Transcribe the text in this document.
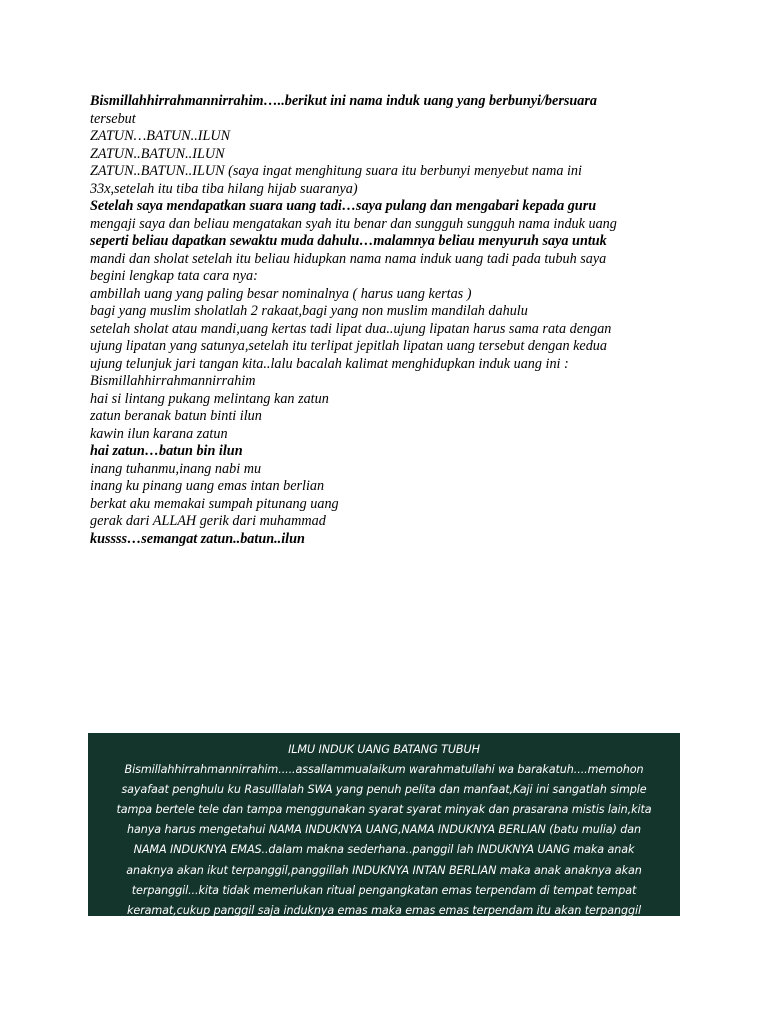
Bismillahhirrahmannirrahim…..berikut ini nama induk uang yang berbunyi/bersuara
tersebut
ZATUN…BATUN..ILUN
ZATUN..BATUN..ILUN
ZATUN..BATUN..ILUN (saya ingat menghitung suara itu berbunyi menyebut nama ini
33x,setelah itu tiba tiba hilang hijab suaranya)
Setelah saya mendapatkan suara uang tadi…saya pulang dan mengabari kepada guru
mengaji saya dan beliau mengatakan syah itu benar dan sungguh sungguh nama induk uang
seperti beliau dapatkan sewaktu muda dahulu…malamnya beliau menyuruh saya untuk
mandi dan sholat setelah itu beliau hidupkan nama nama induk uang tadi pada tubuh saya
begini lengkap tata cara nya:
ambillah uang yang paling besar nominalnya ( harus uang kertas )
bagi yang muslim sholatlah 2 rakaat,bagi yang non muslim mandilah dahulu
setelah sholat atau mandi,uang kertas tadi lipat dua..ujung lipatan harus sama rata dengan
ujung lipatan yang satunya,setelah itu terlipat jepitlah lipatan uang tersebut dengan kedua
ujung telunjuk jari tangan kita..lalu bacalah kalimat menghidupkan induk uang ini :
Bismillahhirrahmannirrahim
hai si lintang pukang melintang kan zatun
zatun beranak batun binti ilun
kawin ilun karana zatun
hai zatun…batun bin ilun
inang tuhanmu,inang nabi mu
inang ku pinang uang emas intan berlian
berkat aku memakai sumpah pitunang uang
gerak dari ALLAH gerik dari muhammad
kussss…semangat zatun..batun..ilun
ILMU INDUK UANG BATANG TUBUH
Bismillahhirrahmannirrahim.....assallammualaikum warahmatullahi wa barakatuh....memohon
sayafaat penghulu ku Rasulllalah SWA yang penuh pelita dan manfaat,Kaji ini sangatlah simple
tampa bertele tele dan tampa menggunakan syarat syarat minyak dan prasarana mistis lain,kita
hanya harus mengetahui NAMA INDUKNYA UANG,NAMA INDUKNYA BERLIAN (batu mulia) dan
NAMA INDUKNYA EMAS..dalam makna sederhana..panggil lah INDUKNYA UANG maka anak
anaknya akan ikut terpanggil,panggillah INDUKNYA INTAN BERLIAN maka anak anaknya akan
terpanggil...kita tidak memerlukan ritual pengangkatan emas terpendam di tempat tempat
keramat,cukup panggil saja induknya emas maka emas emas terpendam itu akan terpanggil
